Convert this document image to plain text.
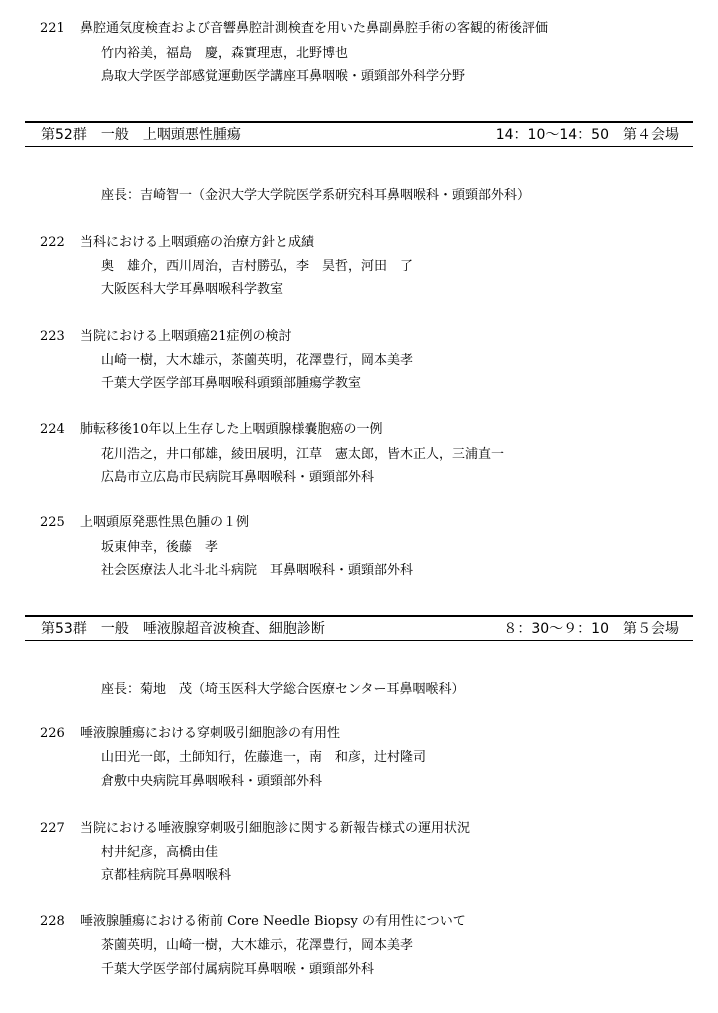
221 鼻腔通気度検査および音響鼻腔計測検査を用いた鼻副鼻腔手術の客観的術後評価
竹内裕美，福島　慶，森實理恵，北野博也
鳥取大学医学部感覚運動医学講座耳鼻咽喉・頭頸部外科学分野
第52群　一般　上咽頭悪性腫瘍	14：10～14：50　第４会場
座長：吉崎智一（金沢大学大学院医学系研究科耳鼻咽喉科・頭頸部外科）
222 当科における上咽頭癌の治療方針と成績
奥　雄介，西川周治，吉村勝弘，李　昊哲，河田　了
大阪医科大学耳鼻咽喉科学教室
223 当院における上咽頭癌21症例の検討
山崎一樹，大木雄示，茶薗英明，花澤豊行，岡本美孝
千葉大学医学部耳鼻咽喉科頭頸部腫瘍学教室
224 肺転移後10年以上生存した上咽頭腺様嚢胞癌の一例
花川浩之，井口郁雄，綾田展明，江草　憲太郎，皆木正人，三浦直一
広島市立広島市民病院耳鼻咽喉科・頭頸部外科
225 上咽頭原発悪性黒色腫の１例
坂東伸幸，後藤　孝
社会医療法人北斗北斗病院　耳鼻咽喉科・頭頸部外科
第53群　一般　唾液腺超音波検査、細胞診断	８：30～９：10　第５会場
座長：菊地　茂（埼玉医科大学総合医療センター耳鼻咽喉科）
226 唾液腺腫瘍における穿刺吸引細胞診の有用性
山田光一郎，土師知行，佐藤進一，南　和彦，辻村隆司
倉敷中央病院耳鼻咽喉科・頭頸部外科
227 当院における唾液腺穿刺吸引細胞診に関する新報告様式の運用状況
村井紀彦，高橋由佳
京都桂病院耳鼻咽喉科
228 唾液腺腫瘍における術前 Core Needle Biopsy の有用性について
茶薗英明，山崎一樹，大木雄示，花澤豊行，岡本美孝
千葉大学医学部付属病院耳鼻咽喉・頭頸部外科
